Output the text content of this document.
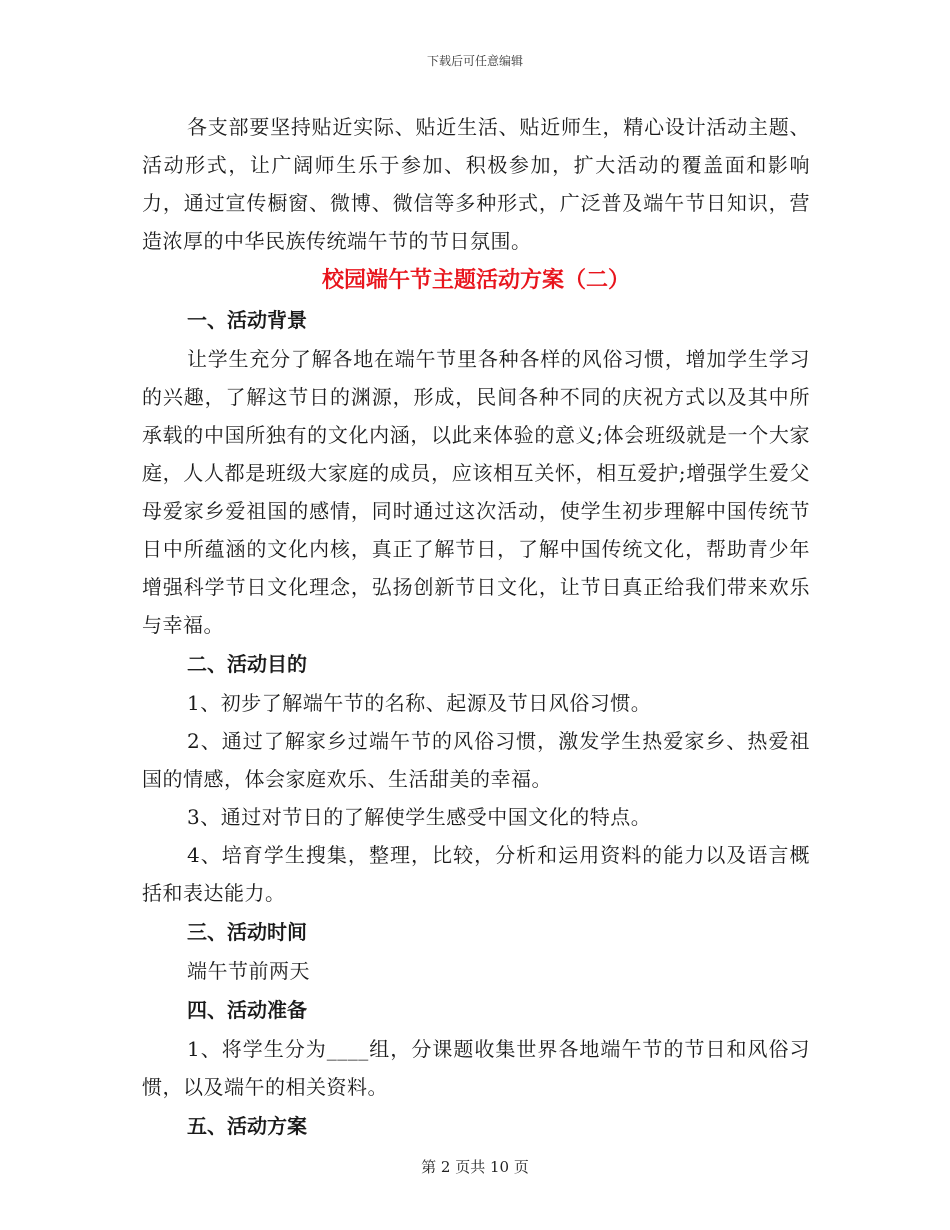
下载后可任意编辑

各支部要坚持贴近实际、贴近生活、贴近师生，精心设计活动主题、活动形式，让广阔师生乐于参加、积极参加，扩大活动的覆盖面和影响力，通过宣传橱窗、微博、微信等多种形式，广泛普及端午节日知识，营造浓厚的中华民族传统端午节的节日氛围。

校园端午节主题活动方案（二）

一、活动背景

让学生充分了解各地在端午节里各种各样的风俗习惯，增加学生学习的兴趣，了解这节日的渊源，形成，民间各种不同的庆祝方式以及其中所承载的中国所独有的文化内涵，以此来体验的意义;体会班级就是一个大家庭，人人都是班级大家庭的成员，应该相互关怀，相互爱护;增强学生爱父母爱家乡爱祖国的感情，同时通过这次活动，使学生初步理解中国传统节日中所蕴涵的文化内核，真正了解节日，了解中国传统文化，帮助青少年增强科学节日文化理念，弘扬创新节日文化，让节日真正给我们带来欢乐与幸福。

二、活动目的

1、初步了解端午节的名称、起源及节日风俗习惯。

2、通过了解家乡过端午节的风俗习惯，激发学生热爱家乡、热爱祖国的情感，体会家庭欢乐、生活甜美的幸福。

3、通过对节日的了解使学生感受中国文化的特点。

4、培育学生搜集，整理，比较，分析和运用资料的能力以及语言概括和表达能力。

三、活动时间

端午节前两天

四、活动准备

1、将学生分为____组，分课题收集世界各地端午节的节日和风俗习惯，以及端午的相关资料。

五、活动方案

第 2 页共 10 页
